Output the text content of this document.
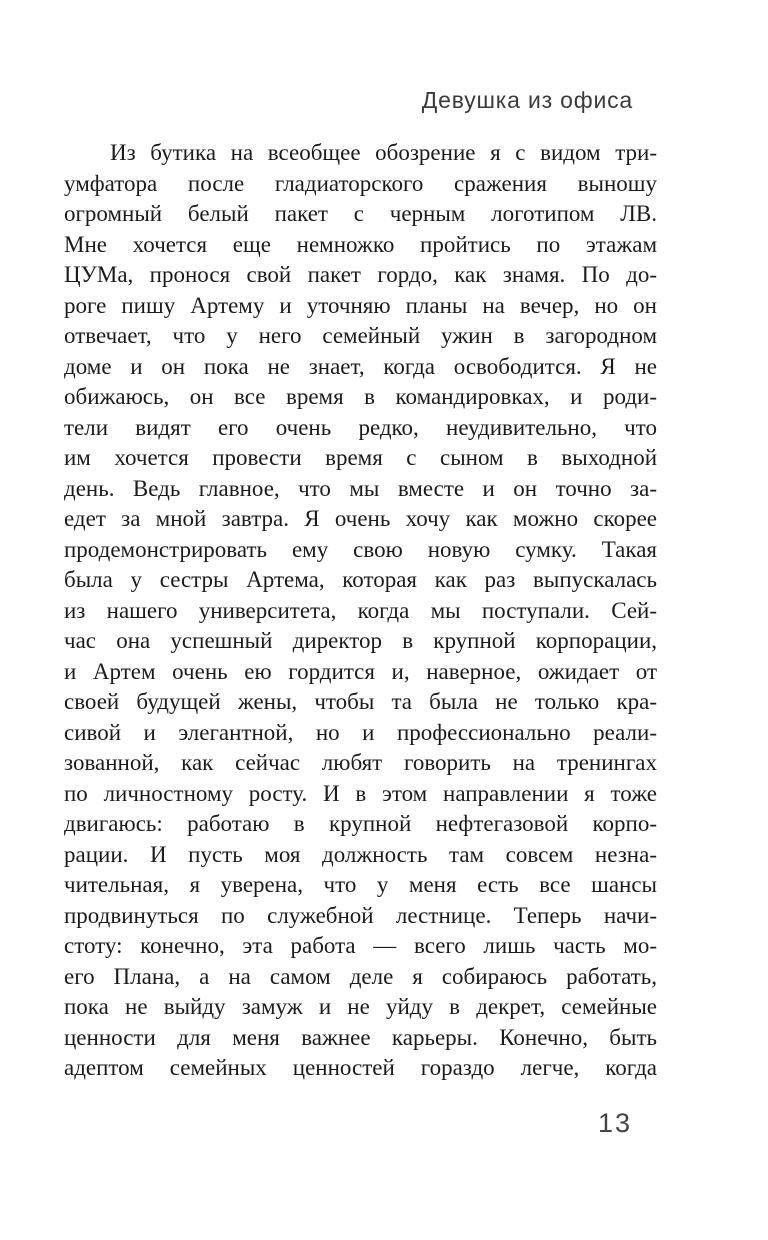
Девушка из офиса
Из бутика на всеобщее обозрение я с видом три-
умфатора после гладиаторского сражения выношу
огромный белый пакет с черным логотипом ЛВ.
Мне хочется еще немножко пройтись по этажам
ЦУМа, пронося свой пакет гордо, как знамя. По до-
роге пишу Артему и уточняю планы на вечер, но он
отвечает, что у него семейный ужин в загородном
доме и он пока не знает, когда освободится. Я не
обижаюсь, он все время в командировках, и роди-
тели видят его очень редко, неудивительно, что
им хочется провести время с сыном в выходной
день. Ведь главное, что мы вместе и он точно за-
едет за мной завтра. Я очень хочу как можно скорее
продемонстрировать ему свою новую сумку. Такая
была у сестры Артема, которая как раз выпускалась
из нашего университета, когда мы поступали. Сей-
час она успешный директор в крупной корпорации,
и Артем очень ею гордится и, наверное, ожидает от
своей будущей жены, чтобы та была не только кра-
сивой и элегантной, но и профессионально реали-
зованной, как сейчас любят говорить на тренингах
по личностному росту. И в этом направлении я тоже
двигаюсь: работаю в крупной нефтегазовой корпо-
рации. И пусть моя должность там совсем незна-
чительная, я уверена, что у меня есть все шансы
продвинуться по служебной лестнице. Теперь начи-
стоту: конечно, эта работа — всего лишь часть мо-
его Плана, а на самом деле я собираюсь работать,
пока не выйду замуж и не уйду в декрет, семейные
ценности для меня важнее карьеры. Конечно, быть
адептом семейных ценностей гораздо легче, когда
13
